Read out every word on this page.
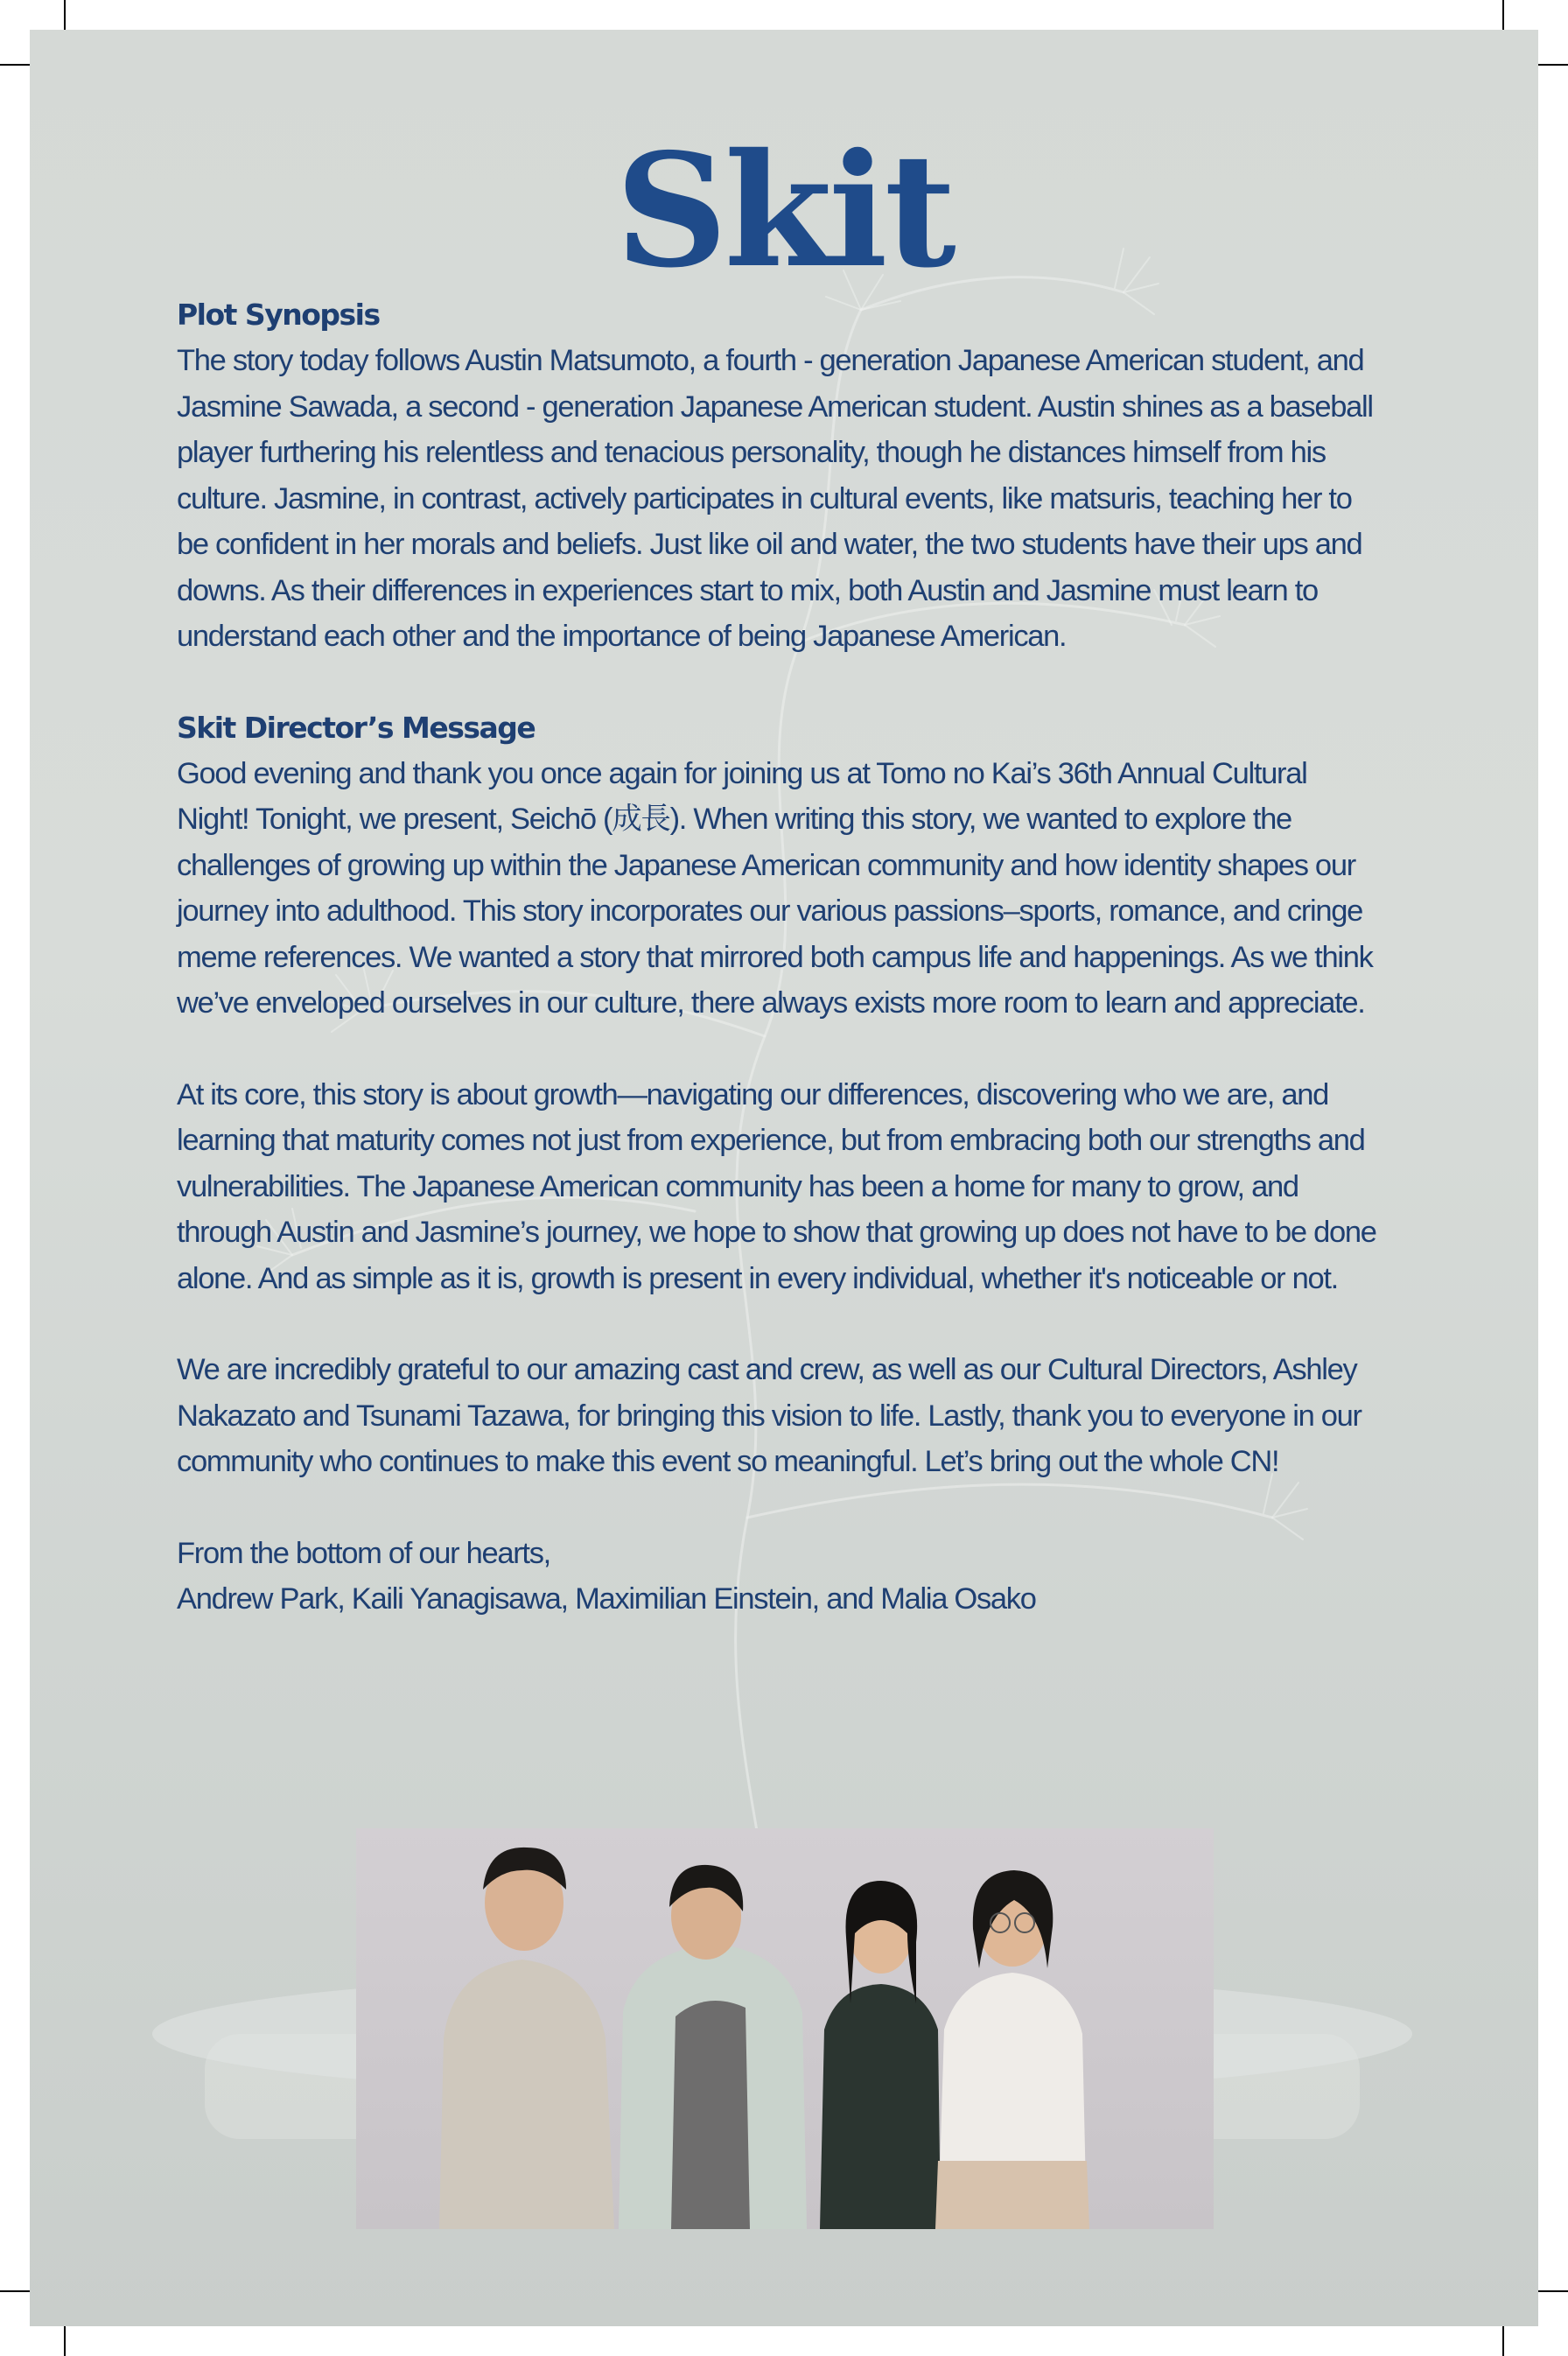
Skit
Plot Synopsis

The story today follows Austin Matsumoto, a fourth - generation Japanese American student, and Jasmine Sawada, a second - generation Japanese American student. Austin shines as a baseball player furthering his relentless and tenacious personality, though he distances himself from his culture. Jasmine, in contrast, actively participates in cultural events, like matsuris, teaching her to be confident in her morals and beliefs. Just like oil and water, the two students have their ups and downs. As their differences in experiences start to mix, both Austin and Jasmine must learn to understand each other and the importance of being Japanese American.

Skit Director’s Message

Good evening and thank you once again for joining us at Tomo no Kai’s 36th Annual Cultural Night! Tonight, we present, Seichō (成長). When writing this story, we wanted to explore the challenges of growing up within the Japanese American community and how identity shapes our journey into adulthood. This story incorporates our various passions–sports, romance, and cringe meme references. We wanted a story that mirrored both campus life and happenings. As we think we’ve enveloped ourselves in our culture, there always exists more room to learn and appreciate.

At its core, this story is about growth—navigating our differences, discovering who we are, and learning that maturity comes not just from experience, but from embracing both our strengths and vulnerabilities. The Japanese American community has been a home for many to grow, and through Austin and Jasmine’s journey, we hope to show that growing up does not have to be done alone. And as simple as it is, growth is present in every individual, whether it's noticeable or not.

We are incredibly grateful to our amazing cast and crew, as well as our Cultural Directors, Ashley Nakazato and Tsunami Tazawa, for bringing this vision to life. Lastly, thank you to everyone in our community who continues to make this event so meaningful. Let’s bring out the whole CN!

From the bottom of our hearts,

Andrew Park, Kaili Yanagisawa, Maximilian Einstein, and Malia Osako
